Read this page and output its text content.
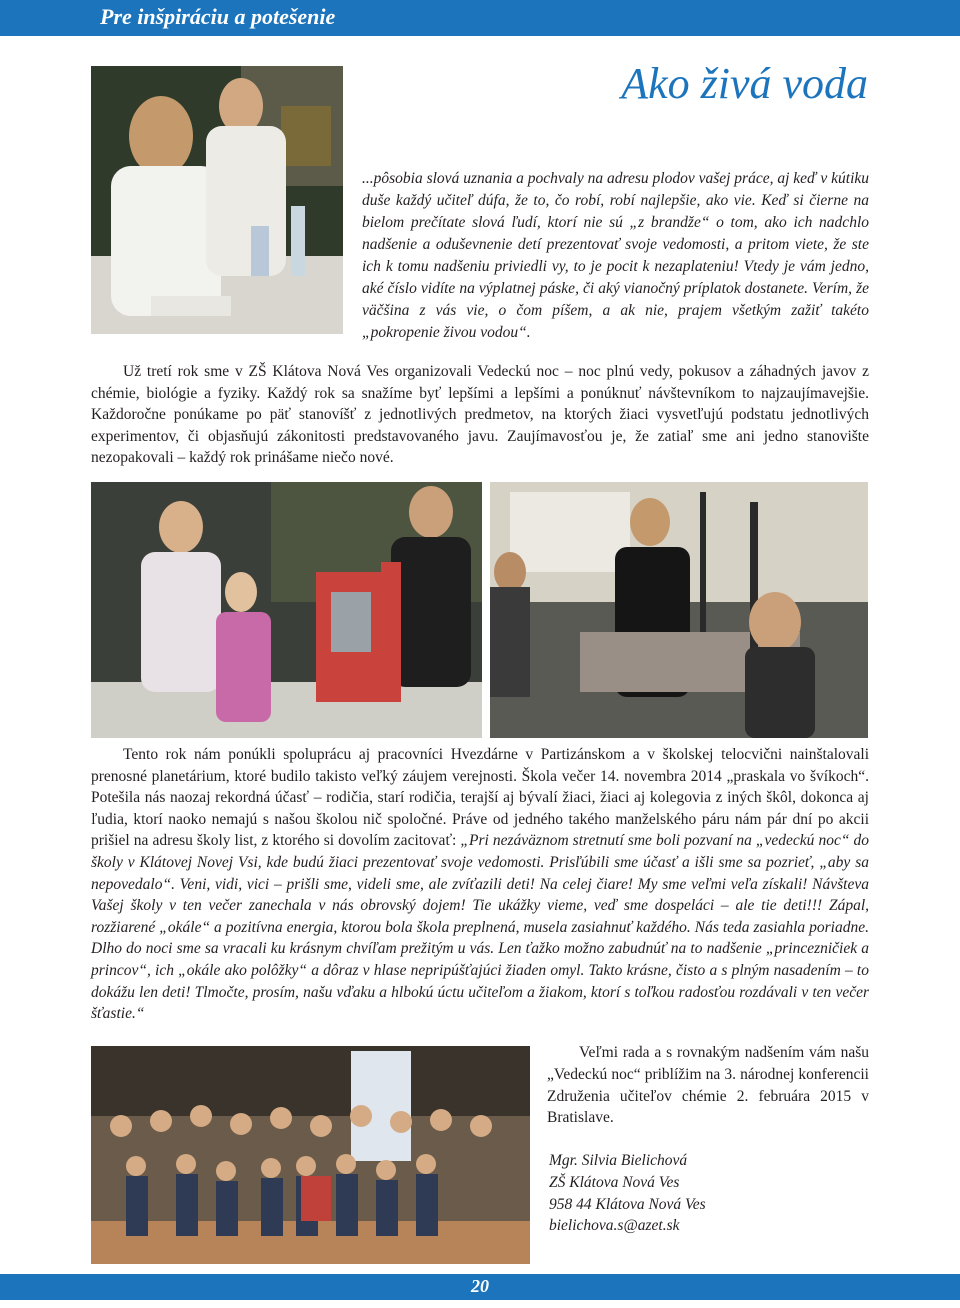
Pre inšpiráciu a potešenie
Ako živá voda

...pôsobia slová uznania a pochvaly na adresu plodov vašej práce, aj keď v kútiku duše každý učiteľ dúfa, že to, čo robí, robí najlepšie, ako vie. Keď si čierne na bielom prečítate slová ľudí, ktorí nie sú „z brandže“ o tom, ako ich nadchlo nadšenie a oduševnenie detí prezentovať svoje vedomosti, a pritom viete, že ste ich k tomu nadšeniu priviedli vy, to je pocit k nezaplateniu! Vtedy je vám jedno, aké číslo vidíte na výplatnej páske, či aký vianočný príplatok dostanete. Verím, že väčšina z vás vie, o čom píšem, a ak nie, prajem všetkým zažiť takéto „pokropenie živou vodou“.

Už tretí rok sme v ZŠ Klátova Nová Ves organizovali Vedeckú noc – noc plnú vedy, pokusov a záhadných javov z chémie, biológie a fyziky. Každý rok sa snažíme byť lepšími a lepšími a ponúknuť návštevníkom to najzaujímavejšie. Každoročne ponúkame po päť stanovíšť z jednotlivých predmetov, na ktorých žiaci vysvetľujú podstatu jednotlivých experimentov, či objasňujú zákonitosti predstavovaného javu. Zaujímavosťou je, že zatiaľ sme ani jedno stanovište nezopakovali – každý rok prinášame niečo nové.

Tento rok nám ponúkli spoluprácu aj pracovníci Hvezdárne v Partizánskom a v školskej telocvični nainštalovali prenosné planetárium, ktoré budilo takisto veľký záujem verejnosti. Škola večer 14. novembra 2014 „praskala vo švíkoch“. Potešila nás naozaj rekordná účasť – rodičia, starí rodičia, terajší aj bývalí žiaci, žiaci aj kolegovia z iných škôl, dokonca aj ľudia, ktorí naoko nemajú s našou školou nič spoločné. Práve od jedného takého manželského páru nám pár dní po akcii prišiel na adresu školy list, z ktorého si dovolím zacitovať: „Pri nezáväznom stretnutí sme boli pozvaní na „vedeckú noc“ do školy v Klátovej Novej Vsi, kde budú žiaci prezentovať svoje vedomosti. Prisľúbili sme účasť a išli sme sa pozrieť, „aby sa nepovedalo“. Veni, vidi, vici – prišli sme, videli sme, ale zvíťazili deti! Na celej čiare! My sme veľmi veľa získali! Návšteva Vašej školy v ten večer zanechala v nás obrovský dojem! Tie ukážky vieme, veď sme dospeláci – ale tie deti!!! Zápal, rozžiarené „okále“ a pozitívna energia, ktorou bola škola preplnená, musela zasiahnuť každého. Nás teda zasiahla poriadne. Dlho do noci sme sa vracali ku krásnym chvíľam prežitým u vás. Len ťažko možno zabudnúť na to nadšenie „princezničiek a princov“, ich „okále ako polôžky“ a dôraz v hlase nepripúšťajúci žiaden omyl. Takto krásne, čisto a s plným nasadením – to dokážu len deti! Tlmočte, prosím, našu vďaku a hlbokú úctu učiteľom a žiakom, ktorí s toľkou radosťou rozdávali v ten večer šťastie.“

Veľmi rada a s rovnakým nadšením vám našu „Vedeckú noc“ priblížim na 3. národnej konferencii Združenia učiteľov chémie 2. februára 2015 v Bratislave.

Mgr. Silvia Bielichová
ZŠ Klátova Nová Ves
958 44 Klátova Nová Ves
bielichova.s@azet.sk
20
